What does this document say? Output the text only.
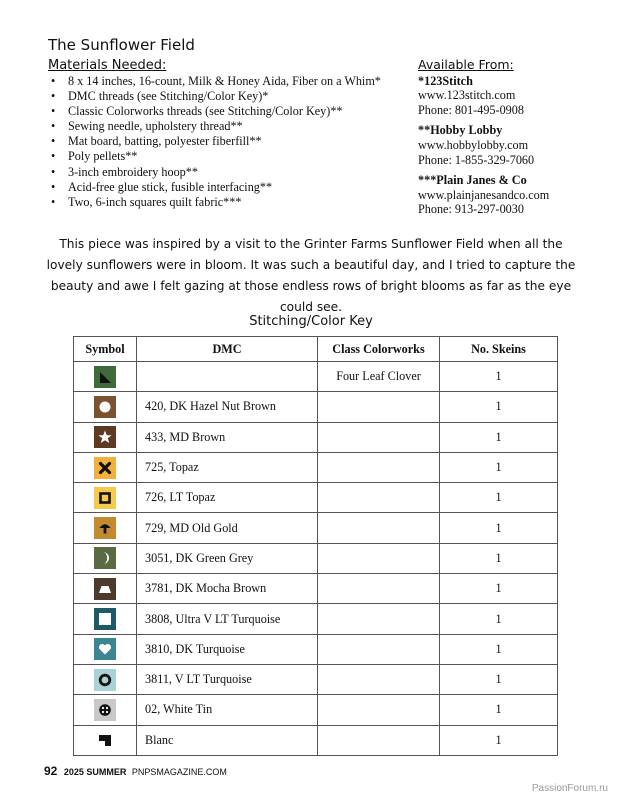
The Sunflower Field
Materials Needed:
• 8 x 14 inches, 16-count, Milk & Honey Aida, Fiber on a Whim*
• DMC threads (see Stitching/Color Key)*
• Classic Colorworks threads (see Stitching/Color Key)**
• Sewing needle, upholstery thread**
• Mat board, batting, polyester fiberfill**
• Poly pellets**
• 3-inch embroidery hoop**
• Acid-free glue stick, fusible interfacing**
• Two, 6-inch squares quilt fabric***
Available From:
*123Stitch
www.123stitch.com
Phone: 801-495-0908
**Hobby Lobby
www.hobbylobby.com
Phone: 1-855-329-7060
***Plain Janes & Co
www.plainjanesandco.com
Phone: 913-297-0030
This piece was inspired by a visit to the Grinter Farms Sunflower Field when all the lovely sunflowers were in bloom. It was such a beautiful day, and I tried to capture the beauty and awe I felt gazing at those endless rows of bright blooms as far as the eye could see.
Stitching/Color Key
Symbol	DMC	Class Colorworks	No. Skeins

		Four Leaf Clover	1

	420, DK Hazel Nut Brown		1

	433, MD Brown		1

	725, Topaz		1

	726, LT Topaz		1

	729, MD Old Gold		1

	3051, DK Green Grey		1

	3781, DK Mocha Brown		1

	3808, Ultra V LT Turquoise		1

	3810, DK Turquoise		1

	3811, V LT Turquoise		1

	02, White Tin		1

	Blanc		1
92 2025 SUMMER PNPSMAGAZINE.COM
PassionForum.ru
